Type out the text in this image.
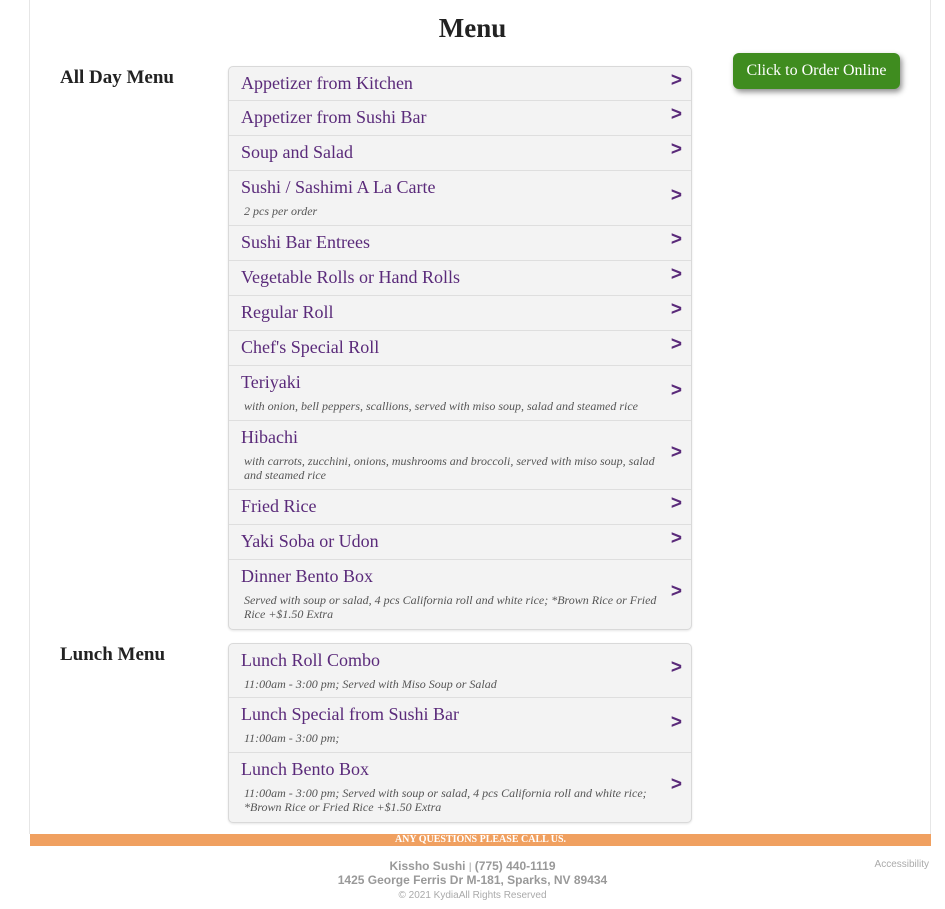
Menu
Click to Order Online
All Day Menu	Appetizer from Kitchen	>
Appetizer from Sushi Bar	>
Soup and Salad	>
Sushi / Sashimi A La Carte
2 pcs per order
>
Sushi Bar Entrees	>
Vegetable Rolls or Hand Rolls	>
Regular Roll	>
Chef's Special Roll	>
Teriyaki
with onion, bell peppers, scallions, served with miso soup, salad and steamed rice
>
Hibachi
with carrots, zucchini, onions, mushrooms and broccoli, served with miso soup, salad and steamed rice
>
Fried Rice	>
Yaki Soba or Udon	>
Dinner Bento Box
Served with soup or salad, 4 pcs California roll and white rice; *Brown Rice or Fried Rice +$1.50 Extra
>
Lunch Menu	Lunch Roll Combo
11:00am - 3:00 pm; Served with Miso Soup or Salad
>
Lunch Special from Sushi Bar
11:00am - 3:00 pm;
>
Lunch Bento Box
11:00am - 3:00 pm; Served with soup or salad, 4 pcs California roll and white rice; *Brown Rice or Fried Rice +$1.50 Extra
>
ANY QUESTIONS PLEASE CALL US.
Kissho Sushi | (775) 440-1119
1425 George Ferris Dr M-181, Sparks, NV 89434
© 2021 KydiaAll Rights Reserved
Accessibility
